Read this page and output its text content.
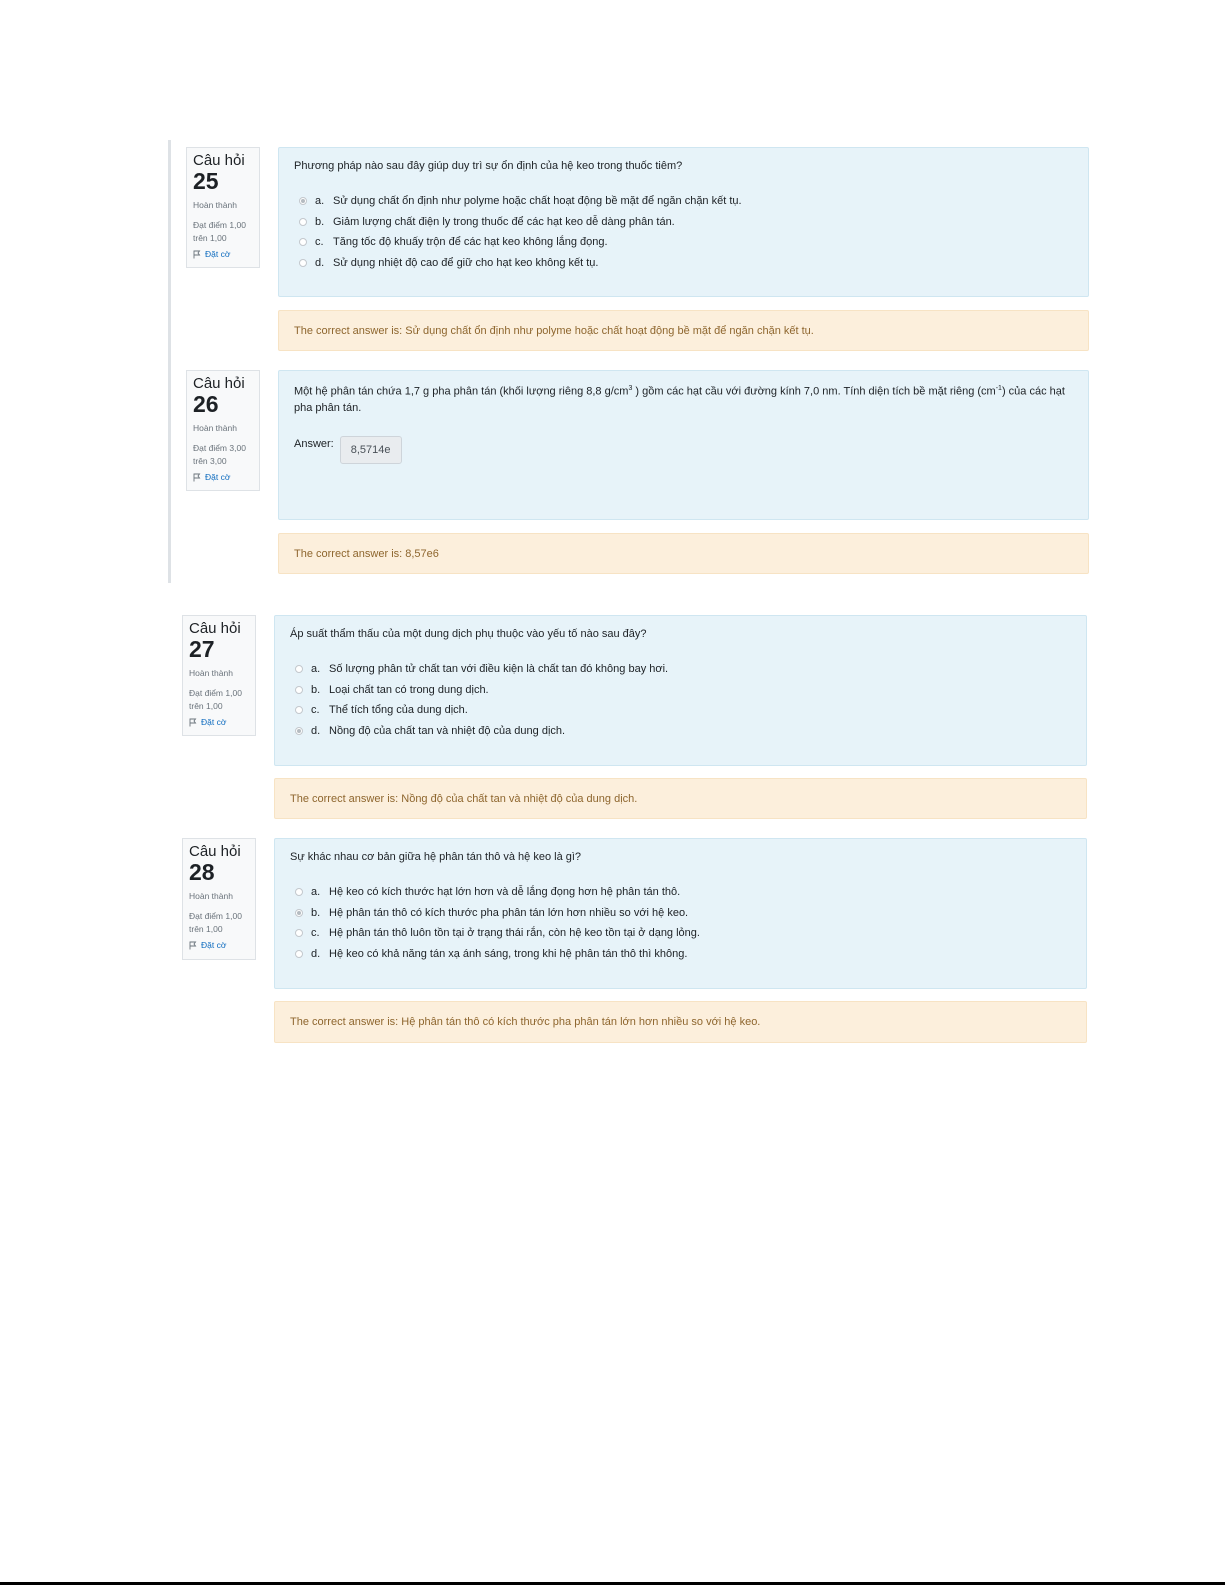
Câu hỏi
25
Hoàn thành
Đạt điểm 1,00
trên 1,00
Đặt cờ
Phương pháp nào sau đây giúp duy trì sự ổn định của hệ keo trong thuốc tiêm?
a. Sử dụng chất ổn định như polyme hoặc chất hoạt động bề mặt để ngăn chặn kết tụ.
b. Giảm lượng chất điện ly trong thuốc để các hạt keo dễ dàng phân tán.
c. Tăng tốc độ khuấy trộn để các hạt keo không lắng đọng.
d. Sử dụng nhiệt độ cao để giữ cho hạt keo không kết tụ.
The correct answer is: Sử dụng chất ổn định như polyme hoặc chất hoạt động bề mặt để ngăn chặn kết tụ.
Câu hỏi
26
Hoàn thành
Đạt điểm 3,00
trên 3,00
Đặt cờ
Một hệ phân tán chứa 1,7 g pha phân tán (khối lượng riêng 8,8 $g/cm^3$ ) gồm các hạt cầu với đường kính 7,0 nm. Tính diện tích bề mặt riêng $(cm^{-1})$ của các hạt pha phân tán.
Answer:	8,5714e
The correct answer is: 8,57e6
Câu hỏi
27
Hoàn thành
Đạt điểm 1,00
trên 1,00
Đặt cờ
Áp suất thẩm thấu của một dung dịch phụ thuộc vào yếu tố nào sau đây?
a. Số lượng phân tử chất tan với điều kiện là chất tan đó không bay hơi.
b. Loại chất tan có trong dung dịch.
c. Thể tích tổng của dung dịch.
d. Nồng độ của chất tan và nhiệt độ của dung dịch.
The correct answer is: Nồng độ của chất tan và nhiệt độ của dung dịch.
Câu hỏi
28
Hoàn thành
Đạt điểm 1,00
trên 1,00
Đặt cờ
Sự khác nhau cơ bản giữa hệ phân tán thô và hệ keo là gì?
a. Hệ keo có kích thước hạt lớn hơn và dễ lắng đọng hơn hệ phân tán thô.
b. Hệ phân tán thô có kích thước pha phân tán lớn hơn nhiều so với hệ keo.
c. Hệ phân tán thô luôn tồn tại ở trạng thái rắn, còn hệ keo tồn tại ở dạng lỏng.
d. Hệ keo có khả năng tán xạ ánh sáng, trong khi hệ phân tán thô thì không.
The correct answer is: Hệ phân tán thô có kích thước pha phân tán lớn hơn nhiều so với hệ keo.
